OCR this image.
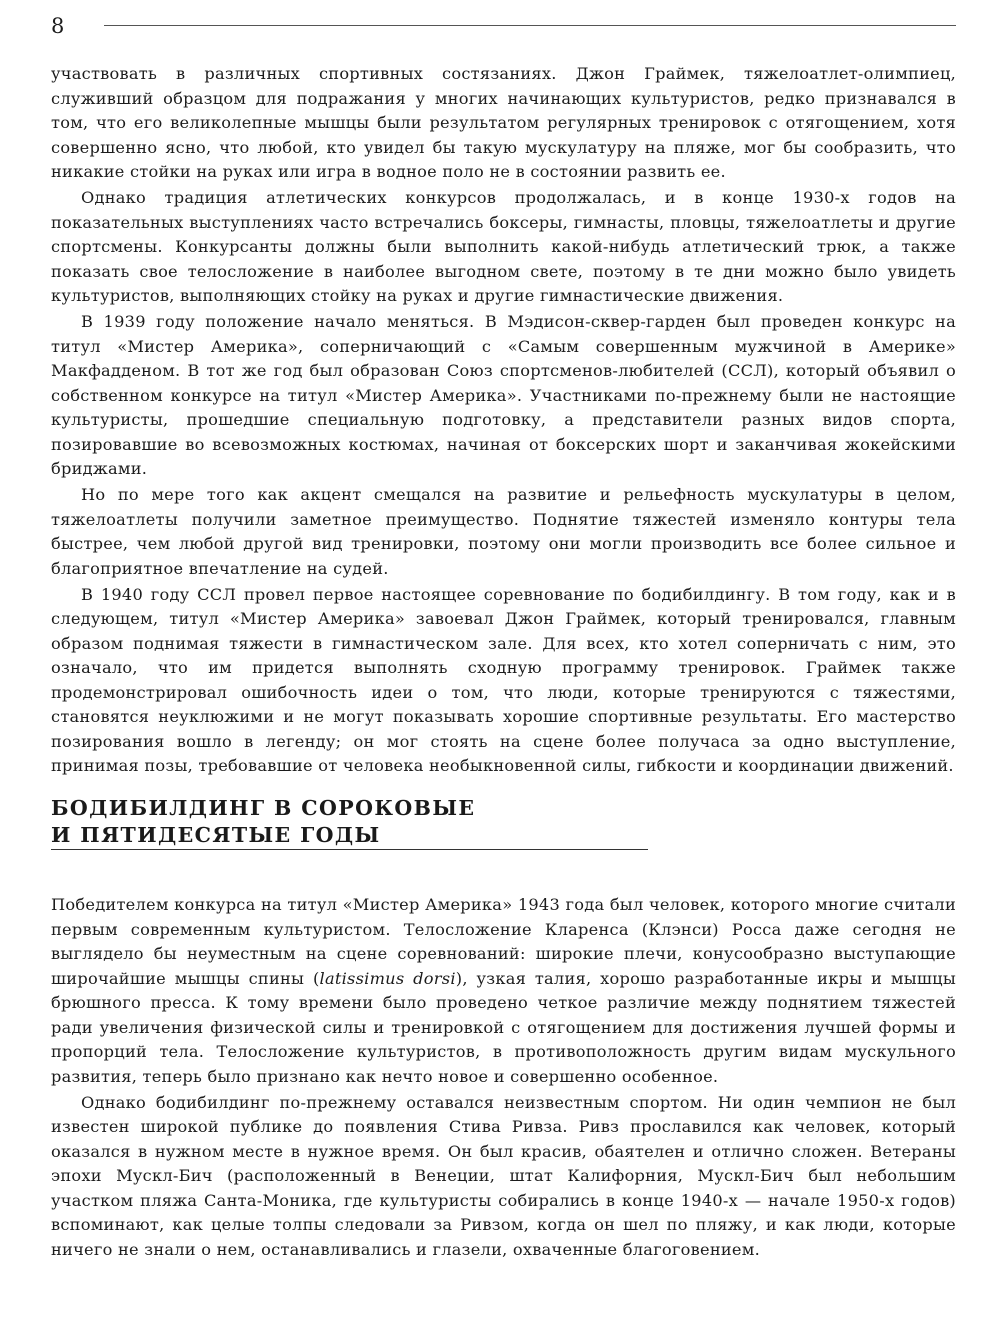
8

участвовать в различных спортивных состязаниях. Джон Граймек, тяжелоатлет-олимпиец, служивший образцом для подражания у многих начинающих культуристов, редко признавался в том, что его великолепные мышцы были результатом регулярных тренировок с отягощением, хотя совершенно ясно, что любой, кто увидел бы такую мускулатуру на пляже, мог бы сообразить, что никакие стойки на руках или игра в водное поло не в состоянии развить ее.

Однако традиция атлетических конкурсов продолжалась, и в конце 1930-х годов на показательных выступлениях часто встречались боксеры, гимнасты, пловцы, тяжелоатлеты и другие спортсмены. Конкурсанты должны были выполнить какой-нибудь атлетический трюк, а также показать свое телосложение в наиболее выгодном свете, поэтому в те дни можно было увидеть культуристов, выполняющих стойку на руках и другие гимнастические движения.

В 1939 году положение начало меняться. В Мэдисон-сквер-гарден был проведен конкурс на титул «Мистер Америка», соперничающий с «Самым совершенным мужчиной в Америке» Макфадденом. В тот же год был образован Союз спортсменов-любителей (ССЛ), который объявил о собственном конкурсе на титул «Мистер Америка». Участниками по-прежнему были не настоящие культуристы, прошедшие специальную подготовку, а представители разных видов спорта, позировавшие во всевозможных костюмах, начиная от боксерских шорт и заканчивая жокейскими бриджами.

Но по мере того как акцент смещался на развитие и рельефность мускулатуры в целом, тяжелоатлеты получили заметное преимущество. Поднятие тяжестей изменяло контуры тела быстрее, чем любой другой вид тренировки, поэтому они могли производить все более сильное и благоприятное впечатление на судей.

В 1940 году ССЛ провел первое настоящее соревнование по бодибилдингу. В том году, как и в следующем, титул «Мистер Америка» завоевал Джон Граймек, который тренировался, главным образом поднимая тяжести в гимнастическом зале. Для всех, кто хотел соперничать с ним, это означало, что им придется выполнять сходную программу тренировок. Граймек также продемонстрировал ошибочность идеи о том, что люди, которые тренируются с тяжестями, становятся неуклюжими и не могут показывать хорошие спортивные результаты. Его мастерство позирования вошло в легенду; он мог стоять на сцене более получаса за одно выступление, принимая позы, требовавшие от человека необыкновенной силы, гибкости и координации движений.

БОДИБИЛДИНГ В СОРОКОВЫЕ
И ПЯТИДЕСЯТЫЕ ГОДЫ

Победителем конкурса на титул «Мистер Америка» 1943 года был человек, которого многие считали первым современным культуристом. Телосложение Кларенса (Клэнси) Росса даже сегодня не выглядело бы неуместным на сцене соревнований: широкие плечи, конусообразно выступающие широчайшие мышцы спины (latissimus dorsi), узкая талия, хорошо разработанные икры и мышцы брюшного пресса. К тому времени было проведено четкое различие между поднятием тяжестей ради увеличения физической силы и тренировкой с отягощением для достижения лучшей формы и пропорций тела. Телосложение культуристов, в противоположность другим видам мускульного развития, теперь было признано как нечто новое и совершенно особенное.

Однако бодибилдинг по-прежнему оставался неизвестным спортом. Ни один чемпион не был известен широкой публике до появления Стива Ривза. Ривз прославился как человек, который оказался в нужном месте в нужное время. Он был красив, обаятелен и отлично сложен. Ветераны эпохи Мускл-Бич (расположенный в Венеции, штат Калифорния, Мускл-Бич был небольшим участком пляжа Санта-Моника, где культуристы собирались в конце 1940-х — начале 1950-х годов) вспоминают, как целые толпы следовали за Ривзом, когда он шел по пляжу, и как люди, которые ничего не знали о нем, останавливались и глазели, охваченные благоговением.
